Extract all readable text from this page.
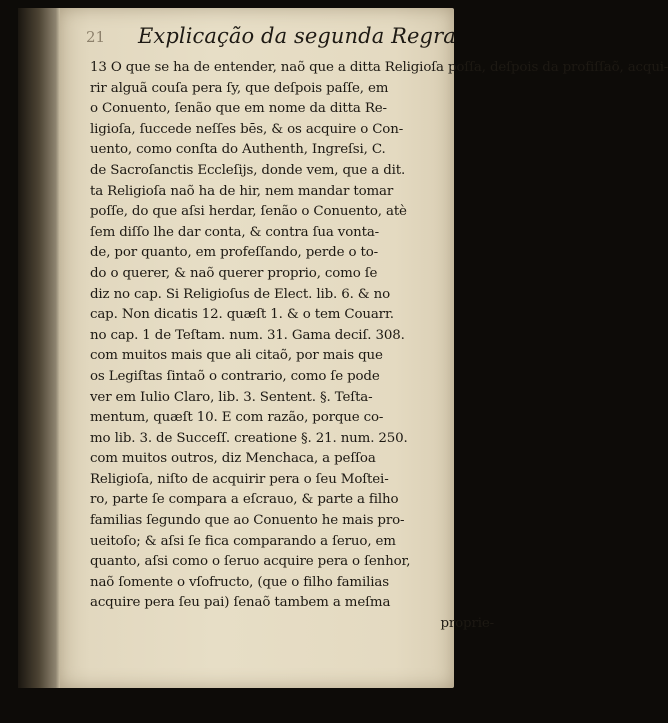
21 Explicação da segunda Regra
13 O que se ha de entender, naõ que a ditta Religioſa poſſa, deſpois da profiſſaõ, acqui-
rir alguã couſa pera ſy, que deſpois paſſe, em
o Conuento, ſenão que em nome da ditta Re-
ligioſa, ſuccede neſſes bēs, & os acquire o Con-
uento, como conſta do Authenth, Ingreſsi, C.
de Sacroſanctis Eccleſijs, donde vem, que a dit.
ta Religioſa naõ ha de hir, nem mandar tomar
poſſe, do que aſsi herdar, ſenão o Conuento, atè
ſem diſſo lhe dar conta, & contra ſua vonta-
de, por quanto, em profeſſando, perde o to-
do o querer, & naõ querer proprio, como ſe
diz no cap. Si Religioſus de Elect. lib. 6. & no
cap. Non dicatis 12. quæſt 1. & o tem Couarr.
no cap. 1 de Teſtam. num. 31. Gama deciſ. 308.
com muitos mais que ali citaõ, por mais que
os Legiſtas ſintaõ o contrario, como ſe pode
ver em Iulio Claro, lib. 3. Sentent. §. Teſta-
mentum, quæſt 10. E com razão, porque co-
mo lib. 3. de Succeſſ. creatione §. 21. num. 250.
com muitos outros, diz Menchaca, a peſſoa
Religioſa, niſto de acquirir pera o ſeu Moſtei-
ro, parte ſe compara a eſcrauo, & parte a filho
familias ſegundo que ao Conuento he mais pro-
ueitoſo; & aſsi ſe fica comparando a ſeruo, em
quanto, aſsi como o ſeruo acquire pera o ſenhor,
naõ ſomente o vſofructo, (que o filho familias
acquire pera ſeu pai) ſenaõ tambem a meſma
proprie-
